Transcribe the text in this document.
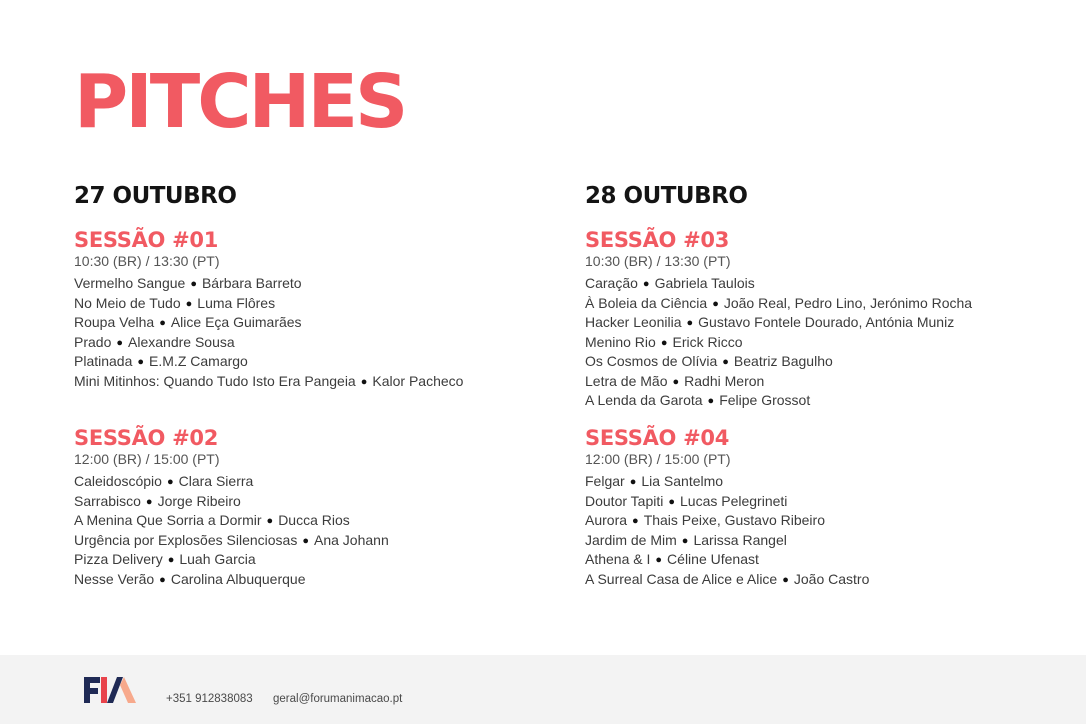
PITCHES
27 OUTUBRO
SESSÃO #01
10:30 (BR) / 13:30 (PT)
Vermelho Sangue ● Bárbara Barreto
No Meio de Tudo ● Luma Flôres
Roupa Velha ● Alice Eça Guimarães
Prado ● Alexandre Sousa
Platinada ● E.M.Z Camargo
Mini Mitinhos: Quando Tudo Isto Era Pangeia ● Kalor Pacheco
SESSÃO #02
12:00 (BR) / 15:00 (PT)
Caleidoscópio ● Clara Sierra
Sarrabisco ● Jorge Ribeiro
A Menina Que Sorria a Dormir ● Ducca Rios
Urgência por Explosões Silenciosas ● Ana Johann
Pizza Delivery ● Luah Garcia
Nesse Verão ● Carolina Albuquerque
28 OUTUBRO
SESSÃO #03
10:30 (BR) / 13:30 (PT)
Caração ● Gabriela Taulois
À Boleia da Ciência ● João Real, Pedro Lino, Jerónimo Rocha
Hacker Leonilia ● Gustavo Fontele Dourado, Antónia Muniz
Menino Rio ● Erick Ricco
Os Cosmos de Olívia ● Beatriz Bagulho
Letra de Mão ● Radhi Meron
A Lenda da Garota ● Felipe Grossot
SESSÃO #04
12:00 (BR) / 15:00 (PT)
Felgar ● Lia Santelmo
Doutor Tapiti ● Lucas Pelegrineti
Aurora ● Thais Peixe, Gustavo Ribeiro
Jardim de Mim ● Larissa Rangel
Athena & I ● Céline Ufenast
A Surreal Casa de Alice e Alice ● João Castro
+351 912838083 geral@forumanimacao.pt
